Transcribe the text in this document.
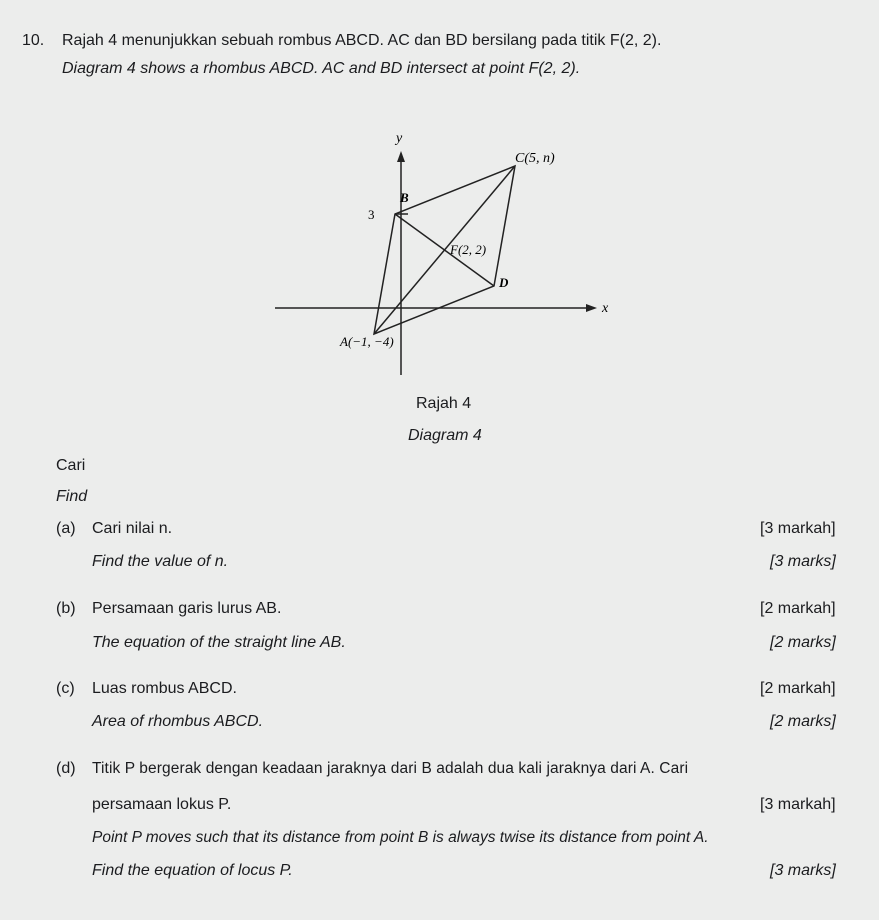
10. Rajah 4 menunjukkan sebuah rombus ABCD. AC dan BD bersilang pada titik F(2, 2).
Diagram 4 shows a rhombus ABCD. AC and BD intersect at point F(2, 2).
y
x
3
C(5, n)
B
F(2, 2)
D
A(−1, −4)
Rajah 4
Diagram 4
Cari
Find
(a) Cari nilai n.	[3 markah]
Find the value of n.	[3 marks]
(b) Persamaan garis lurus AB.	[2 markah]
The equation of the straight line AB.	[2 marks]
(c) Luas rombus ABCD.	[2 markah]
Area of rhombus ABCD.	[2 marks]
(d) Titik P bergerak dengan keadaan jaraknya dari B adalah dua kali jaraknya dari A. Cari
persamaan lokus P.	[3 markah]
Point P moves such that its distance from point B is always twise its distance from point A.
Find the equation of locus P.	[3 marks]
